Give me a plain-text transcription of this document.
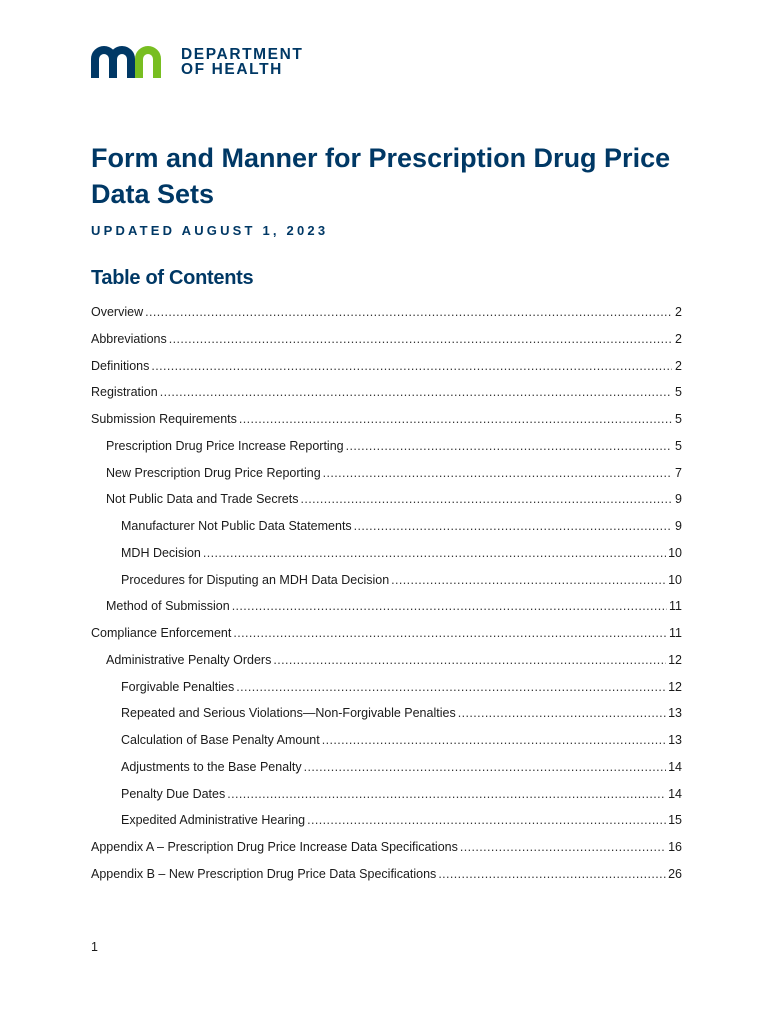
DEPARTMENT
OF HEALTH
Form and Manner for Prescription Drug Price Data Sets

UPDATED AUGUST 1, 2023

Table of Contents
Overview .....	2
Abbreviations .....	2
Definitions .....	2
Registration .....	5
Submission Requirements .....	5
Prescription Drug Price Increase Reporting .....	5
New Prescription Drug Price Reporting .....	7
Not Public Data and Trade Secrets .....	9
Manufacturer Not Public Data Statements .....	9
MDH Decision .....	10
Procedures for Disputing an MDH Data Decision .....	10
Method of Submission .....	11
Compliance Enforcement .....	11
Administrative Penalty Orders .....	12
Forgivable Penalties .....	12
Repeated and Serious Violations—Non-Forgivable Penalties .....	13
Calculation of Base Penalty Amount .....	13
Adjustments to the Base Penalty .....	14
Penalty Due Dates .....	14
Expedited Administrative Hearing .....	15
Appendix A – Prescription Drug Price Increase Data Specifications .....	16
Appendix B – New Prescription Drug Price Data Specifications .....	26
1
